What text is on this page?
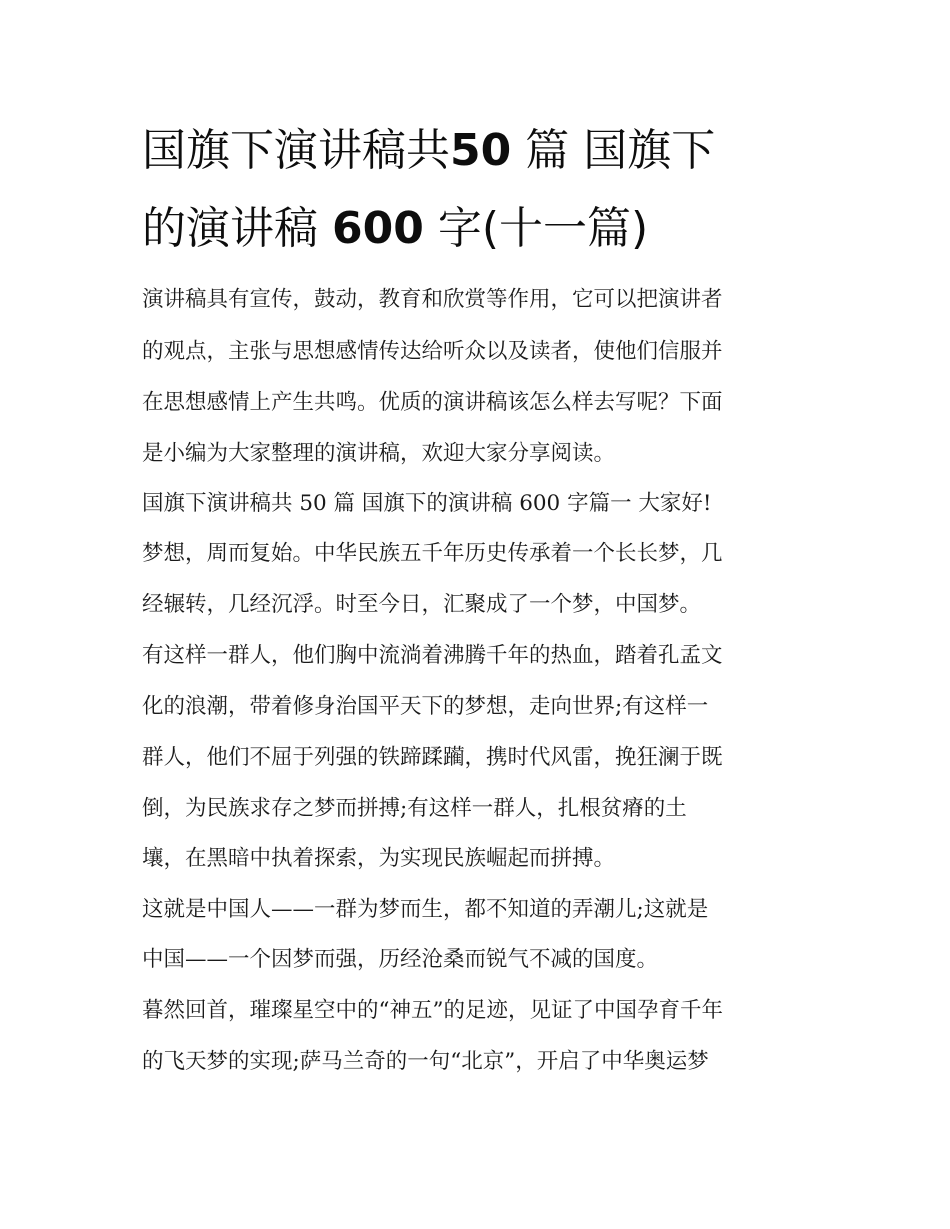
国旗下演讲稿共50 篇 国旗下
的演讲稿 600 字(十一篇)

演讲稿具有宣传，鼓动，教育和欣赏等作用，它可以把演讲者

的观点，主张与思想感情传达给听众以及读者，使他们信服并

在思想感情上产生共鸣。优质的演讲稿该怎么样去写呢？下面

是小编为大家整理的演讲稿，欢迎大家分享阅读。

国旗下演讲稿共 50 篇 国旗下的演讲稿 600 字篇一 大家好!

梦想，周而复始。中华民族五千年历史传承着一个长长梦，几

经辗转，几经沉浮。时至今日，汇聚成了一个梦，中国梦。

有这样一群人，他们胸中流淌着沸腾千年的热血，踏着孔孟文

化的浪潮，带着修身治国平天下的梦想，走向世界;有这样一

群人，他们不屈于列强的铁蹄蹂躏，携时代风雷，挽狂澜于既

倒，为民族求存之梦而拼搏;有这样一群人，扎根贫瘠的土

壤，在黑暗中执着探索，为实现民族崛起而拼搏。

这就是中国人——一群为梦而生，都不知道的弄潮儿;这就是

中国——一个因梦而强，历经沧桑而锐气不减的国度。

暮然回首，璀璨星空中的“神五”的足迹，见证了中国孕育千年

的飞天梦的实现;萨马兰奇的一句“北京”，开启了中华奥运梦
